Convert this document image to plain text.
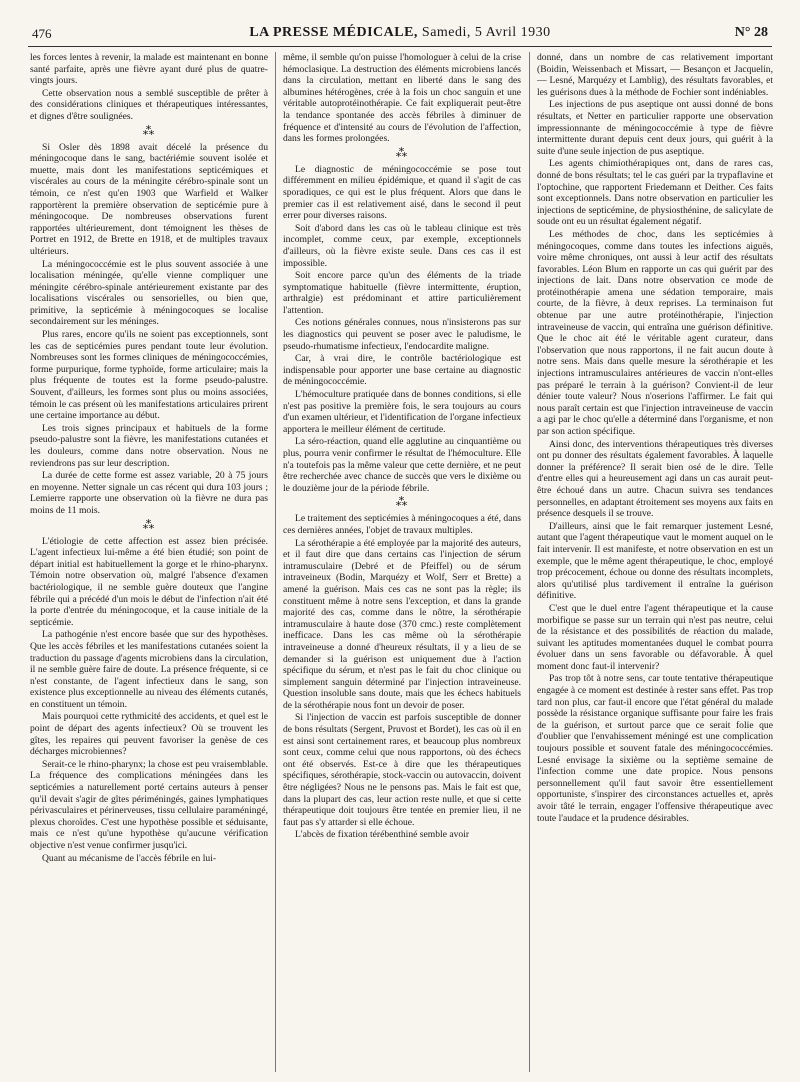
476	LA PRESSE MÉDICALE, Samedi, 5 Avril 1930	N° 28

les forces lentes à revenir, la malade est maintenant en bonne santé parfaite, après une fièvre ayant duré plus de quatre-vingts jours.

Cette observation nous a semblé susceptible de prêter à des considérations cliniques et thérapeutiques intéressantes, et dignes d'être soulignées.

⁂

Si Osler dès 1898 avait décelé la présence du méningocoque dans le sang, bactériémie souvent isolée et muette, mais dont les manifestations septicémiques et viscérales au cours de la méningite cérébro-spinale sont un témoin, ce n'est qu'en 1903 que Warfield et Walker rapportèrent la première observation de septicémie pure à méningocoque. De nombreuses observations furent rapportées ultérieurement, dont témoignent les thèses de Portret en 1912, de Brette en 1918, et de multiples travaux ultérieurs.

La méningococcémie est le plus souvent associée à une localisation méningée, qu'elle vienne compliquer une méningite cérébro-spinale antérieurement existante par des localisations viscérales ou sensorielles, ou bien que, primitive, la septicémie à méningocoques se localise secondairement sur les méninges.

Plus rares, encore qu'ils ne soient pas exceptionnels, sont les cas de septicémies pures pendant toute leur évolution. Nombreuses sont les formes cliniques de méningococcémies, forme purpurique, forme typhoïde, forme articulaire; mais la plus fréquente de toutes est la forme pseudo-palustre. Souvent, d'ailleurs, les formes sont plus ou moins associées, témoin le cas présent où les manifestations articulaires prirent une certaine importance au début.

Les trois signes principaux et habituels de la forme pseudo-palustre sont la fièvre, les manifestations cutanées et les douleurs, comme dans notre observation. Nous ne reviendrons pas sur leur description.

La durée de cette forme est assez variable, 20 à 75 jours en moyenne. Netter signale un cas récent qui dura 103 jours ; Lemierre rapporte une observation où la fièvre ne dura pas moins de 11 mois.

⁂

L'étiologie de cette affection est assez bien précisée. L'agent infectieux lui-même a été bien étudié; son point de départ initial est habituellement la gorge et le rhino-pharynx. Témoin notre observation où, malgré l'absence d'examen bactériologique, il ne semble guère douteux que l'angine fébrile qui a précédé d'un mois le début de l'infection n'ait été la porte d'entrée du méningocoque, et la cause initiale de la septicémie.

La pathogénie n'est encore basée que sur des hypothèses. Que les accès fébriles et les manifestations cutanées soient la traduction du passage d'agents microbiens dans la circulation, il ne semble guère faire de doute. La présence fréquente, si ce n'est constante, de l'agent infectieux dans le sang, son existence plus exceptionnelle au niveau des éléments cutanés, en constituent un témoin.

Mais pourquoi cette rythmicité des accidents, et quel est le point de départ des agents infectieux? Où se trouvent les gîtes, les repaires qui peuvent favoriser la genèse de ces décharges microbiennes?

Serait-ce le rhino-pharynx; la chose est peu vraisemblable. La fréquence des complications méningées dans les septicémies a naturellement porté certains auteurs à penser qu'il devait s'agir de gîtes périméningés, gaines lymphatiques périvasculaires et périnerveuses, tissu cellulaire paraméningé, plexus choroïdes. C'est une hypothèse possible et séduisante, mais ce n'est qu'une hypothèse qu'aucune vérification objective n'est venue confirmer jusqu'ici.

Quant au mécanisme de l'accès fébrile en lui-

même, il semble qu'on puisse l'homologuer à celui de la crise hémoclasique. La destruction des éléments microbiens lancés dans la circulation, mettant en liberté dans le sang des albumines hétérogènes, crée à la fois un choc sanguin et une véritable autoprotéinothérapie. Ce fait expliquerait peut-être la tendance spontanée des accès fébriles à diminuer de fréquence et d'intensité au cours de l'évolution de l'affection, dans les formes prolongées.

⁂

Le diagnostic de méningococcémie se pose tout différemment en milieu épidémique, et quand il s'agit de cas sporadiques, ce qui est le plus fréquent. Alors que dans le premier cas il est relativement aisé, dans le second il peut errer pour diverses raisons.

Soit d'abord dans les cas où le tableau clinique est très incomplet, comme ceux, par exemple, exceptionnels d'ailleurs, où la fièvre existe seule. Dans ces cas il est impossible.

Soit encore parce qu'un des éléments de la triade symptomatique habituelle (fièvre intermittente, éruption, arthralgie) est prédominant et attire particulièrement l'attention.

Ces notions générales connues, nous n'insisterons pas sur les diagnostics qui peuvent se poser avec le paludisme, le pseudo-rhumatisme infectieux, l'endocardite maligne.

Car, à vrai dire, le contrôle bactériologique est indispensable pour apporter une base certaine au diagnostic de méningococcémie.

L'hémoculture pratiquée dans de bonnes conditions, si elle n'est pas positive la première fois, le sera toujours au cours d'un examen ultérieur, et l'identification de l'organe infectieux apportera le meilleur élément de certitude.

La séro-réaction, quand elle agglutine au cinquantième ou plus, pourra venir confirmer le résultat de l'hémoculture. Elle n'a toutefois pas la même valeur que cette dernière, et ne peut être recherchée avec chance de succès que vers le dixième ou le douzième jour de la période fébrile.

⁂

Le traitement des septicémies à méningocoques a été, dans ces dernières années, l'objet de travaux multiples.

La sérothérapie a été employée par la majorité des auteurs, et il faut dire que dans certains cas l'injection de sérum intramusculaire (Debré et de Pfeiffel) ou de sérum intraveineux (Bodin, Marquézy et Wolf, Serr et Brette) a amené la guérison. Mais ces cas ne sont pas la règle; ils constituent même à notre sens l'exception, et dans la grande majorité des cas, comme dans le nôtre, la sérothérapie intramusculaire à haute dose (370 cmc.) reste complètement inefficace. Dans les cas même où la sérothérapie intraveineuse a donné d'heureux résultats, il y a lieu de se demander si la guérison est uniquement due à l'action spécifique du sérum, et n'est pas le fait du choc clinique ou simplement sanguin déterminé par l'injection intraveineuse. Question insoluble sans doute, mais que les échecs habituels de la sérothérapie nous font un devoir de poser.

Si l'injection de vaccin est parfois susceptible de donner de bons résultats (Sergent, Pruvost et Bordet), les cas où il en est ainsi sont certainement rares, et beaucoup plus nombreux sont ceux, comme celui que nous rapportons, où des échecs ont été observés. Est-ce à dire que les thérapeutiques spécifiques, sérothérapie, stock-vaccin ou autovaccin, doivent être négligées? Nous ne le pensons pas. Mais le fait est que, dans la plupart des cas, leur action reste nulle, et que si cette thérapeutique doit toujours être tentée en premier lieu, il ne faut pas s'y attarder si elle échoue.

L'abcès de fixation térébenthiné semble avoir

donné, dans un nombre de cas relativement important (Boidin, Weissenbach et Missart, — Besançon et Jacquelin, — Lesné, Marquézy et Lamblig), des résultats favorables, et les guérisons dues à la méthode de Fochier sont indéniables.

Les injections de pus aseptique ont aussi donné de bons résultats, et Netter en particulier rapporte une observation impressionnante de méningococcémie à type de fièvre intermittente durant depuis cent deux jours, qui guérit à la suite d'une seule injection de pus aseptique.

Les agents chimiothérapiques ont, dans de rares cas, donné de bons résultats; tel le cas guéri par la trypaflavine et l'optochine, que rapportent Friedemann et Deither. Ces faits sont exceptionnels. Dans notre observation en particulier les injections de septicémine, de physiosthénine, de salicylate de soude ont eu un résultat également négatif.

Les méthodes de choc, dans les septicémies à méningocoques, comme dans toutes les infections aiguës, voire même chroniques, ont aussi à leur actif des résultats favorables. Léon Blum en rapporte un cas qui guérit par des injections de lait. Dans notre observation ce mode de protéinothérapie amena une sédation temporaire, mais courte, de la fièvre, à deux reprises. La terminaison fut obtenue par une autre protéinothérapie, l'injection intraveineuse de vaccin, qui entraîna une guérison définitive. Que le choc ait été le véritable agent curateur, dans l'observation que nous rapportons, il ne fait aucun doute à notre sens. Mais dans quelle mesure la sérothérapie et les injections intramusculaires antérieures de vaccin n'ont-elles pas préparé le terrain à la guérison? Convient-il de leur dénier toute valeur? Nous n'oserions l'affirmer. Le fait qui nous paraît certain est que l'injection intraveineuse de vaccin a agi par le choc qu'elle a déterminé dans l'organisme, et non par son action spécifique.

Ainsi donc, des interventions thérapeutiques très diverses ont pu donner des résultats également favorables. À laquelle donner la préférence? Il serait bien osé de le dire. Telle d'entre elles qui a heureusement agi dans un cas aurait peut-être échoué dans un autre. Chacun suivra ses tendances personnelles, en adaptant étroitement ses moyens aux faits en présence desquels il se trouve.

D'ailleurs, ainsi que le fait remarquer justement Lesné, autant que l'agent thérapeutique vaut le moment auquel on le fait intervenir. Il est manifeste, et notre observation en est un exemple, que le même agent thérapeutique, le choc, employé trop précocement, échoue ou donne des résultats incomplets, alors qu'utilisé plus tardivement il entraîne la guérison définitive.

C'est que le duel entre l'agent thérapeutique et la cause morbifique se passe sur un terrain qui n'est pas neutre, celui de la résistance et des possibilités de réaction du malade, suivant les aptitudes momentanées duquel le combat pourra évoluer dans un sens favorable ou défavorable. À quel moment donc faut-il intervenir?

Pas trop tôt à notre sens, car toute tentative thérapeutique engagée à ce moment est destinée à rester sans effet. Pas trop tard non plus, car faut-il encore que l'état général du malade possède la résistance organique suffisante pour faire les frais de la guérison, et surtout parce que ce serait folie que d'oublier que l'envahissement méningé est une complication toujours possible et souvent fatale des méningococcémies. Lesné envisage la sixième ou la septième semaine de l'infection comme une date propice. Nous pensons personnellement qu'il faut savoir être essentiellement opportuniste, s'inspirer des circonstances actuelles et, après avoir tâté le terrain, engager l'offensive thérapeutique avec toute l'audace et la prudence désirables.
